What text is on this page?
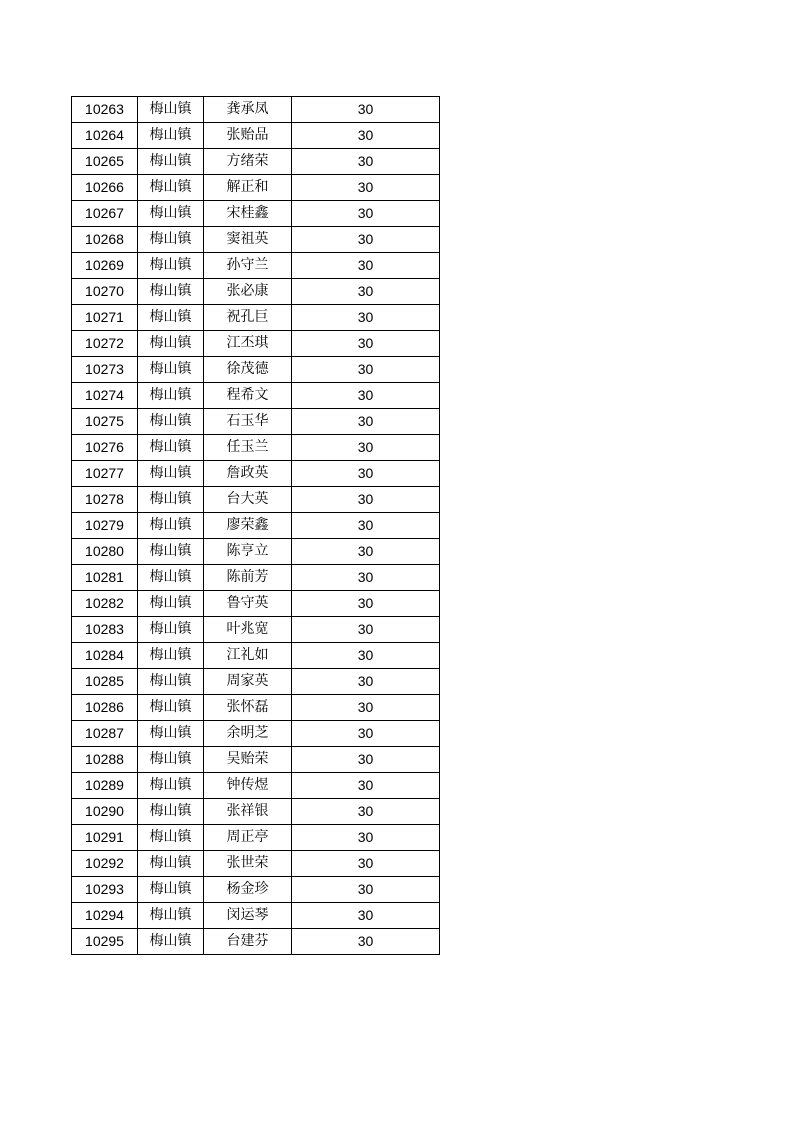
10263	梅山镇	龚承凤	30
10264	梅山镇	张贻品	30
10265	梅山镇	方绪荣	30
10266	梅山镇	解正和	30
10267	梅山镇	宋桂鑫	30
10268	梅山镇	窦祖英	30
10269	梅山镇	孙守兰	30
10270	梅山镇	张必康	30
10271	梅山镇	祝孔巨	30
10272	梅山镇	江丕琪	30
10273	梅山镇	徐茂德	30
10274	梅山镇	程希文	30
10275	梅山镇	石玉华	30
10276	梅山镇	任玉兰	30
10277	梅山镇	詹政英	30
10278	梅山镇	台大英	30
10279	梅山镇	廖荣鑫	30
10280	梅山镇	陈亨立	30
10281	梅山镇	陈前芳	30
10282	梅山镇	鲁守英	30
10283	梅山镇	叶兆宽	30
10284	梅山镇	江礼如	30
10285	梅山镇	周家英	30
10286	梅山镇	张怀磊	30
10287	梅山镇	余明芝	30
10288	梅山镇	吴贻荣	30
10289	梅山镇	钟传煜	30
10290	梅山镇	张祥银	30
10291	梅山镇	周正亭	30
10292	梅山镇	张世荣	30
10293	梅山镇	杨金珍	30
10294	梅山镇	闵运琴	30
10295	梅山镇	台建芬	30
